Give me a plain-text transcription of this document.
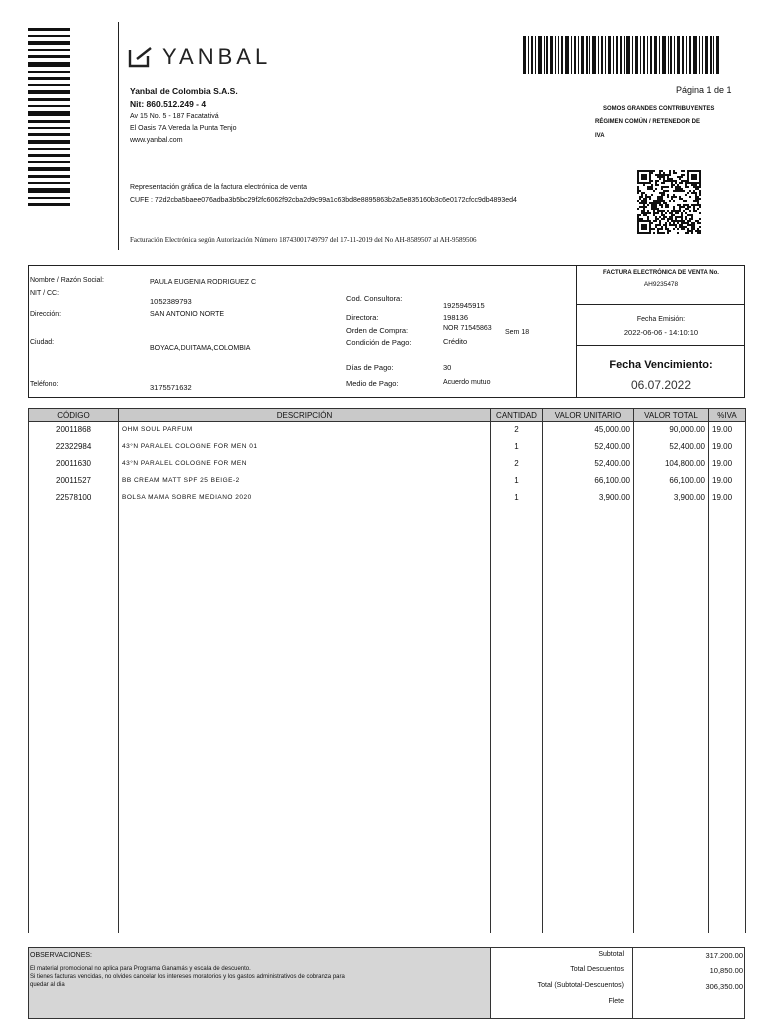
YANBAL
Yanbal de Colombia S.A.S.
Nit: 860.512.249 - 4
Av 15 No. 5 - 187 Facatativá
El Oasis 7A Vereda la Punta Tenjo
www.yanbal.com
Representación gráfica de la factura electrónica de venta
CUFE : 72d2cba5baee076adba3b5bc29f2fc6062f92cba2d9c99a1c63bd8e8895863b2a5e835160b3c6e0172cfcc9db4893ed4
Facturación Electrónica según Autorización Número 18743001749797 del 17-11-2019 del No AH-8589507 al AH-9589506
Página 1 de 1
SOMOS GRANDES CONTRIBUYENTES
RÉGIMEN COMÚN / RETENEDOR DE
IVA
Nombre / Razón Social:	PAULA EUGENIA RODRIGUEZ C
NIT / CC:
1052389793
Dirección:	SAN ANTONIO NORTE
Ciudad:
BOYACA,DUITAMA,COLOMBIA
Teléfono:	3175571632
Cod. Consultora:
1925945915
Directora:	198136
Orden de Compra:	NOR 71545863
Sem 18
Condición de Pago:	Crédito
Días de Pago:	30
Medio de Pago:	Acuerdo mutuo
FACTURA ELECTRÓNICA DE VENTA No.
AH9235478
Fecha Emisión:
2022-06-06 - 14:10:10
Fecha Vencimiento:
06.07.2022
CÓDIGO	DESCRIPCIÓN	CANTIDAD	VALOR UNITARIO	VALOR TOTAL	%IVA
20011868	OHM SOUL PARFUM	2	45,000.00	90,000.00	19.00
22322984	43°N PARALEL COLOGNE FOR MEN 01	1	52,400.00	52,400.00	19.00
20011630	43°N PARALEL COLOGNE FOR MEN	2	52,400.00	104,800.00	19.00
20011527	BB CREAM MATT SPF 25 BEIGE-2	1	66,100.00	66,100.00	19.00
22578100	BOLSA MAMA SOBRE MEDIANO 2020	1	3,900.00	3,900.00	19.00

OBSERVACIONES:
El material promocional no aplica para Programa Ganamás y escala de descuento.
Si tienes facturas vencidas, no olvides cancelar los intereses moratorios y los gastos administrativos de cobranza para
quedar al dia
Subtotal	317.200.00
Total Descuentos	10,850.00
Total (Subtotal-Descuentos)	306,350.00
Flete
